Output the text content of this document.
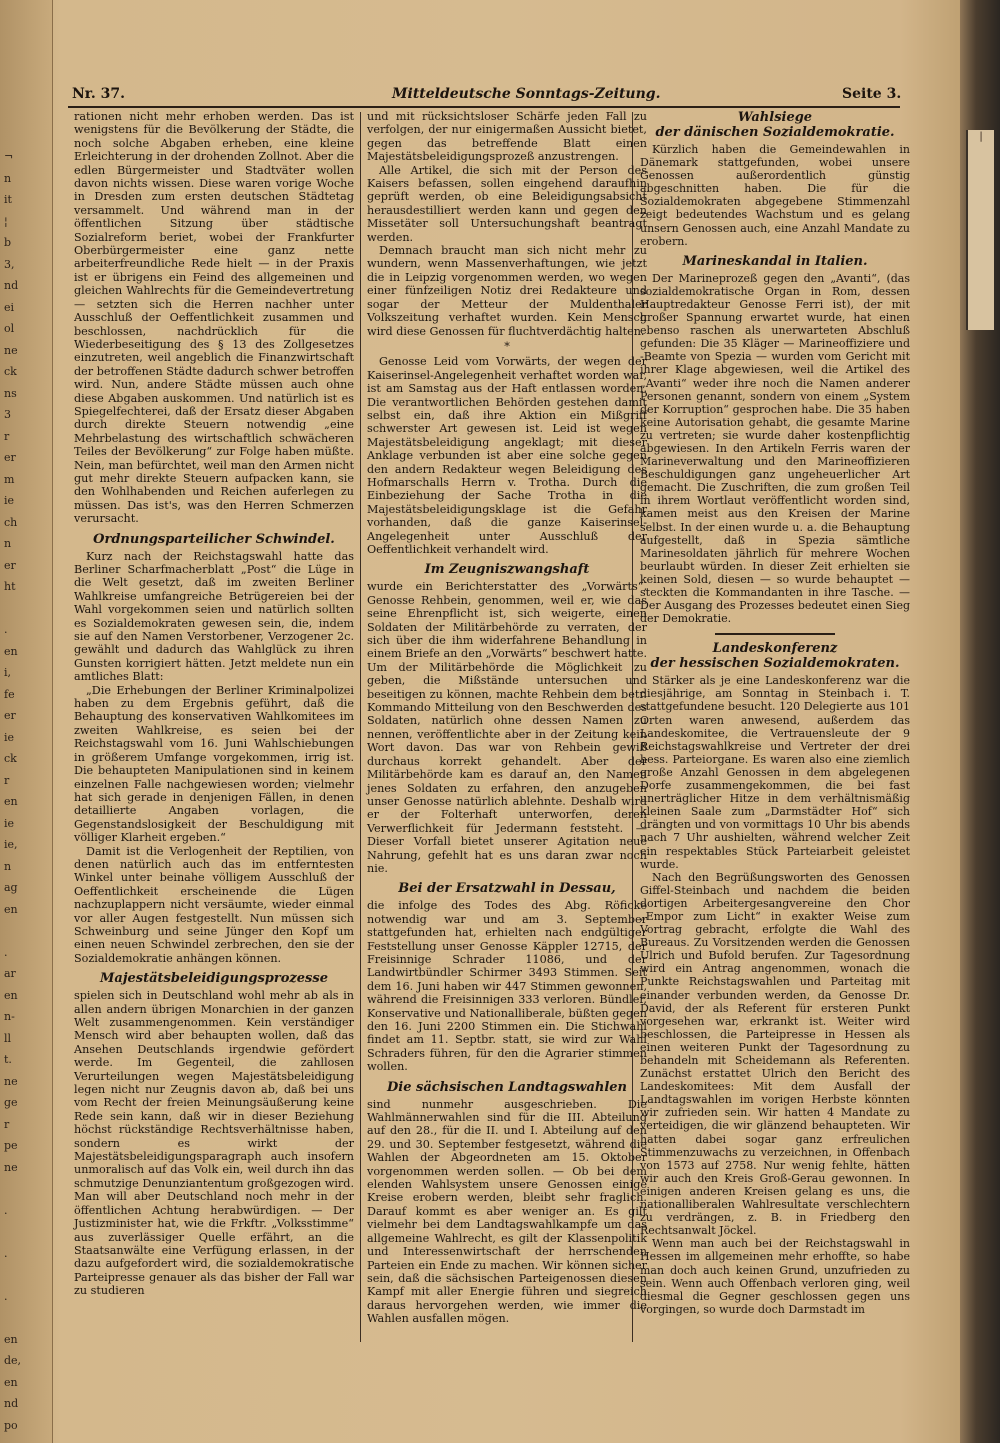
¬
n
it
¦
b
3,
nd
ei
ol
ne
ck
ns
3
r
er
m
ie
ch
n
er
ht
.
en
i,
fe
er
ie
ck
r
en
ie
ie,
n
ag
en
.
ar
en
n-
ll
t.
ne
ge
r
pe
ne
.
.
.
en
de,
en
nd
po
|
Nr. 37.	Mitteldeutsche Sonntags-Zeitung.	Seite 3.

rationen nicht mehr erhoben werden. Das ist wenigstens für die Bevölkerung der Städte, die noch solche Abgaben erheben, eine kleine Erleichterung in der drohenden Zollnot. Aber die edlen Bürgermeister und Stadtväter wollen davon nichts wissen. Diese waren vorige Woche in Dresden zum ersten deutschen Städtetag versammelt. Und während man in der öffentlichen Sitzung über städtische Sozialreform beriet, wobei der Frankfurter Oberbürgermeister eine ganz nette arbeiterfreundliche Rede hielt — in der Praxis ist er übrigens ein Feind des allgemeinen und gleichen Wahlrechts für die Gemeindevertretung — setzten sich die Herren nachher unter Ausschluß der Oeffentlichkeit zusammen und beschlossen, nachdrücklich für die Wiederbeseitigung des § 13 des Zollgesetzes einzutreten, weil angeblich die Finanzwirtschaft der betroffenen Städte dadurch schwer betroffen wird. Nun, andere Städte müssen auch ohne diese Abgaben auskommen. Und natürlich ist es Spiegelfechterei, daß der Ersatz dieser Abgaben durch direkte Steuern notwendig „eine Mehrbelastung des wirtschaftlich schwächeren Teiles der Bevölkerung“ zur Folge haben müßte. Nein, man befürchtet, weil man den Armen nicht gut mehr direkte Steuern aufpacken kann, sie den Wohlhabenden und Reichen auferlegen zu müssen. Das ist's, was den Herren Schmerzen verursacht.

Ordnungsparteilicher Schwindel.

Kurz nach der Reichstagswahl hatte das Berliner Scharfmacherblatt „Post“ die Lüge in die Welt gesetzt, daß im zweiten Berliner Wahlkreise umfangreiche Betrügereien bei der Wahl vorgekommen seien und natürlich sollten es Sozialdemokraten gewesen sein, die, indem sie auf den Namen Verstorbener, Verzogener 2c. gewählt und dadurch das Wahlglück zu ihren Gunsten korrigiert hätten. Jetzt meldete nun ein amtliches Blatt:

„Die Erhebungen der Berliner Kriminalpolizei haben zu dem Ergebnis geführt, daß die Behauptung des konservativen Wahlkomitees im zweiten Wahlkreise, es seien bei der Reichstagswahl vom 16. Juni Wahlschiebungen in größerem Umfange vorgekommen, irrig ist. Die behaupteten Manipulationen sind in keinem einzelnen Falle nachgewiesen worden; vielmehr hat sich gerade in denjenigen Fällen, in denen detaillierte Angaben vorlagen, die Gegenstandslosigkeit der Beschuldigung mit völliger Klarheit ergeben.“

Damit ist die Verlogenheit der Reptilien, von denen natürlich auch das im entferntesten Winkel unter beinahe völligem Ausschluß der Oeffentlichkeit erscheinende die Lügen nachzuplappern nicht versäumte, wieder einmal vor aller Augen festgestellt. Nun müssen sich Schweinburg und seine Jünger den Kopf um einen neuen Schwindel zerbrechen, den sie der Sozialdemokratie anhängen können.

Majestätsbeleidigungsprozesse

spielen sich in Deutschland wohl mehr ab als in allen andern übrigen Monarchien in der ganzen Welt zusammengenommen. Kein verständiger Mensch wird aber behaupten wollen, daß das Ansehen Deutschlands irgendwie gefördert werde. Im Gegenteil, die zahllosen Verurteilungen wegen Majestätsbeleidigung legen nicht nur Zeugnis davon ab, daß bei uns vom Recht der freien Meinungsäußerung keine Rede sein kann, daß wir in dieser Beziehung höchst rückständige Rechtsverhältnisse haben, sondern es wirkt der Majestätsbeleidigungsparagraph auch insofern unmoralisch auf das Volk ein, weil durch ihn das schmutzige Denunziantentum großgezogen wird. Man will aber Deutschland noch mehr in der öffentlichen Achtung herabwürdigen. — Der Justizminister hat, wie die Frkftr. „Volksstimme“ aus zuverlässiger Quelle erfährt, an die Staatsanwälte eine Verfügung erlassen, in der dazu aufgefordert wird, die sozialdemokratische Parteipresse genauer als das bisher der Fall war zu studieren

und mit rücksichtsloser Schärfe jeden Fall zu verfolgen, der nur einigermaßen Aussicht bietet, gegen das betreffende Blatt einen Majestätsbeleidigungsprozeß anzustrengen.

Alle Artikel, die sich mit der Person des Kaisers befassen, sollen eingehend daraufhin geprüft werden, ob eine Beleidigungsabsicht herausdestilliert werden kann und gegen den Missetäter soll Untersuchungshaft beantragt werden.

Demnach braucht man sich nicht mehr zu wundern, wenn Massenverhaftungen, wie jetzt die in Leipzig vorgenommen werden, wo wegen einer fünfzeiligen Notiz drei Redakteure und sogar der Metteur der Muldenthaler Volkszeitung verhaftet wurden. Kein Mensch wird diese Genossen für fluchtverdächtig halten.

*

Genosse Leid vom Vorwärts, der wegen der Kaiserinsel-Angelegenheit verhaftet worden war, ist am Samstag aus der Haft entlassen worden. Die verantwortlichen Behörden gestehen damit selbst ein, daß ihre Aktion ein Mißgriff schwerster Art gewesen ist. Leid ist wegen Majestätsbeleidigung angeklagt; mit dieser Anklage verbunden ist aber eine solche gegen den andern Redakteur wegen Beleidigung des Hofmarschalls Herrn v. Trotha. Durch die Einbeziehung der Sache Trotha in die Majestätsbeleidigungsklage ist die Gefahr vorhanden, daß die ganze Kaiserinsel-Angelegenheit unter Ausschluß der Oeffentlichkeit verhandelt wird.

Im Zeugniszwangshaft

wurde ein Berichterstatter des „Vorwärts“, Genosse Rehbein, genommen, weil er, wie das seine Ehrenpflicht ist, sich weigerte, einen Soldaten der Militärbehörde zu verraten, der sich über die ihm widerfahrene Behandlung in einem Briefe an den „Vorwärts“ beschwert hatte. Um der Militärbehörde die Möglichkeit zu geben, die Mißstände untersuchen und beseitigen zu können, machte Rehbein dem betr. Kommando Mitteilung von den Beschwerden des Soldaten, natürlich ohne dessen Namen zu nennen, veröffentlichte aber in der Zeitung kein Wort davon. Das war von Rehbein gewiß durchaus korrekt gehandelt. Aber der Militärbehörde kam es darauf an, den Namen jenes Soldaten zu erfahren, den anzugeben unser Genosse natürlich ablehnte. Deshalb wird er der Folterhaft unterworfen, deren Verwerflichkeit für Jedermann feststeht. — Dieser Vorfall bietet unserer Agitation neue Nahrung, gefehlt hat es uns daran zwar noch nie.

Bei der Ersatzwahl in Dessau,

die infolge des Todes des Abg. Röficke notwendig war und am 3. September stattgefunden hat, erhielten nach endgültiger Feststellung unser Genosse Käppler 12715, der Freisinnige Schrader 11086, und der Landwirtbündler Schirmer 3493 Stimmen. Seit dem 16. Juni haben wir 447 Stimmen gewonnen, während die Freisinnigen 333 verloren. Bündler, Konservative und Nationalliberale, büßten gegen den 16. Juni 2200 Stimmen ein. Die Stichwahl findet am 11. Septbr. statt, sie wird zur Wahl Schraders führen, für den die Agrarier stimmen wollen.

Die sächsischen Landtagswahlen

sind nunmehr ausgeschrieben. Die Wahlmännerwahlen sind für die III. Abteilung auf den 28., für die II. und I. Abteilung auf den 29. und 30. September festgesetzt, während die Wahlen der Abgeordneten am 15. Oktober vorgenommen werden sollen. — Ob bei dem elenden Wahlsystem unsere Genossen einige Kreise erobern werden, bleibt sehr fraglich. Darauf kommt es aber weniger an. Es gilt vielmehr bei dem Landtagswahlkampfe um das allgemeine Wahlrecht, es gilt der Klassenpolitik und Interessenwirtschaft der herrschenden Parteien ein Ende zu machen. Wir können sicher sein, daß die sächsischen Parteigenossen diesen Kampf mit aller Energie führen und siegreich daraus hervorgehen werden, wie immer die Wahlen ausfallen mögen.

Wahlsiege
der dänischen Sozialdemokratie.

Kürzlich haben die Gemeindewahlen in Dänemark stattgefunden, wobei unsere Genossen außerordentlich günstig abgeschnitten haben. Die für die Sozialdemokraten abgegebene Stimmenzahl zeigt bedeutendes Wachstum und es gelang unsern Genossen auch, eine Anzahl Mandate zu erobern.

Marineskandal in Italien.

Der Marineprozeß gegen den „Avanti“, (das sozialdemokratische Organ in Rom, dessen Hauptredakteur Genosse Ferri ist), der mit großer Spannung erwartet wurde, hat einen ebenso raschen als unerwarteten Abschluß gefunden: Die 35 Kläger — Marineoffiziere und -Beamte von Spezia — wurden vom Gericht mit ihrer Klage abgewiesen, weil die Artikel des „Avanti“ weder ihre noch die Namen anderer Personen genannt, sondern von einem „System der Korruption“ gesprochen habe. Die 35 haben keine Autorisation gehabt, die gesamte Marine zu vertreten; sie wurde daher kostenpflichtig abgewiesen. In den Artikeln Ferris waren der Marineverwaltung und den Marineoffizieren Beschuldigungen ganz ungeheuerlicher Art gemacht. Die Zuschriften, die zum großen Teil in ihrem Wortlaut veröffentlicht worden sind, kamen meist aus den Kreisen der Marine selbst. In der einen wurde u. a. die Behauptung aufgestellt, daß in Spezia sämtliche Marinesoldaten jährlich für mehrere Wochen beurlaubt würden. In dieser Zeit erhielten sie keinen Sold, diesen — so wurde behauptet — steckten die Kommandanten in ihre Tasche. — Der Ausgang des Prozesses bedeutet einen Sieg der Demokratie.

Landeskonferenz
der hessischen Sozialdemokraten.

Stärker als je eine Landeskonferenz war die diesjährige, am Sonntag in Steinbach i. T. stattgefundene besucht. 120 Delegierte aus 101 Orten waren anwesend, außerdem das Landeskomitee, die Vertrauensleute der 9 Reichstagswahlkreise und Vertreter der drei hess. Parteiorgane. Es waren also eine ziemlich große Anzahl Genossen in dem abgelegenen Dorfe zusammengekommen, die bei fast unerträglicher Hitze in dem verhältnismäßig kleinen Saale zum „Darmstädter Hof“ sich drängten und von vormittags 10 Uhr bis abends nach 7 Uhr aushielten, während welcher Zeit ein respektables Stück Parteiarbeit geleistet wurde.

Nach den Begrüßungsworten des Genossen Giffel-Steinbach und nachdem die beiden dortigen Arbeitergesangvereine den Chor „Empor zum Licht“ in exakter Weise zum Vortrag gebracht, erfolgte die Wahl des Bureaus. Zu Vorsitzenden werden die Genossen Ulrich und Bufold berufen. Zur Tagesordnung wird ein Antrag angenommen, wonach die Punkte Reichstagswahlen und Parteitag mit einander verbunden werden, da Genosse Dr. David, der als Referent für ersteren Punkt vorgesehen war, erkrankt ist. Weiter wird beschlossen, die Parteipresse in Hessen als einen weiteren Punkt der Tagesordnung zu behandeln mit Scheidemann als Referenten. Zunächst erstattet Ulrich den Bericht des Landeskomitees: Mit dem Ausfall der Landtagswahlen im vorigen Herbste könnten wir zufrieden sein. Wir hatten 4 Mandate zu verteidigen, die wir glänzend behaupteten. Wir hatten dabei sogar ganz erfreulichen Stimmenzuwachs zu verzeichnen, in Offenbach von 1573 auf 2758. Nur wenig fehlte, hätten wir auch den Kreis Groß-Gerau gewonnen. In einigen anderen Kreisen gelang es uns, die nationalliberalen Wahlresultate verschlechtern zu verdrängen, z. B. in Friedberg den Rechtsanwalt Jöckel.

Wenn man auch bei der Reichstagswahl in Hessen im allgemeinen mehr erhoffte, so habe man doch auch keinen Grund, unzufrieden zu sein. Wenn auch Offenbach verloren ging, weil diesmal die Gegner geschlossen gegen uns vorgingen, so wurde doch Darmstadt im
